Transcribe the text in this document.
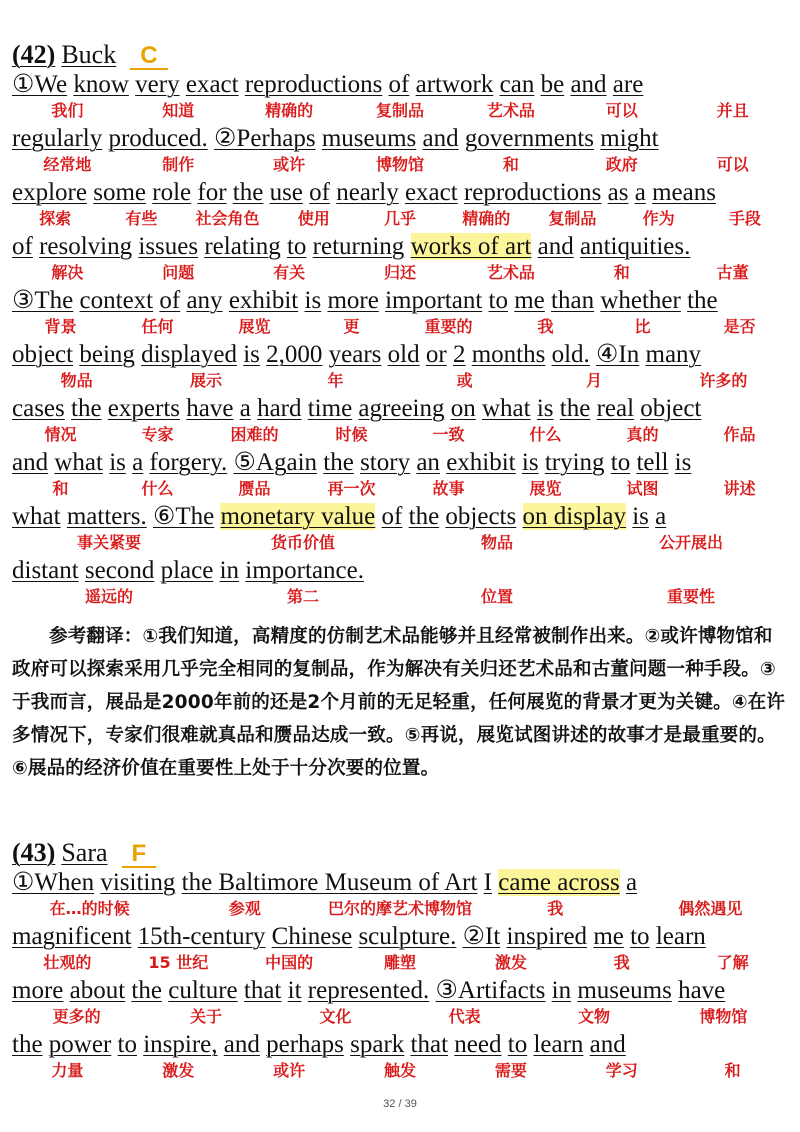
(42) Buck C
①We know very exact reproductions of artwork can be and are
我们	知道	精确的	复制品	艺术品	可以	并且
regularly produced. ②Perhaps museums and governments might
经常地	制作	或许	博物馆	和	政府	可以
explore some role for the use of nearly exact reproductions as a means
探索	有些 社会角色 使用	几乎	精确的 复制品	作为	手段
of resolving issues relating to returning works of art and antiquities.
解决	问题	有关	归还	艺术品	和	古董
③The context of any exhibit is more important to me than whether the
背景	任何	展览	更	重要的	我	比	是否
object being displayed is 2,000 years old or 2 months old. ④In many
物品	展示	年	或	月	许多的
cases the experts have a hard time agreeing on what is the real object
情况	专家	困难的	时候	一致	什么	真的	作品
and what is a forgery. ⑤Again the story an exhibit is trying to tell is
和	什么	赝品	再一次	故事	展览	试图	讲述
what matters. ⑥The monetary value of the objects on display is a
事关紧要	货币价值	物品	公开展出
distant second place in importance.
遥远的	第二	位置	重要性
参考翻译：①我们知道，高精度的仿制艺术品能够并且经常被制作出来。②或许博物馆和政府可以探索采用几乎完全相同的复制品，作为解决有关归还艺术品和古董问题一种手段。③于我而言，展品是2000年前的还是2个月前的无足轻重，任何展览的背景才更为关键。④在许多情况下，专家们很难就真品和赝品达成一致。⑤再说，展览试图讲述的故事才是最重要的。⑥展品的经济价值在重要性上处于十分次要的位置。
(43) Sara F
①When visiting the Baltimore Museum of Art I came across a
在…的时候	参观	巴尔的摩艺术博物馆	我	偶然遇见
magnificent 15th-century Chinese sculpture. ②It inspired me to learn
壮观的	15 世纪	中国的	雕塑	激发	我	了解
more about the culture that it represented. ③Artifacts in museums have
更多的	关于	文化	代表	文物	博物馆
the power to inspire, and perhaps spark that need to learn and
力量	激发	或许	触发	需要	学习	和
32 / 39
